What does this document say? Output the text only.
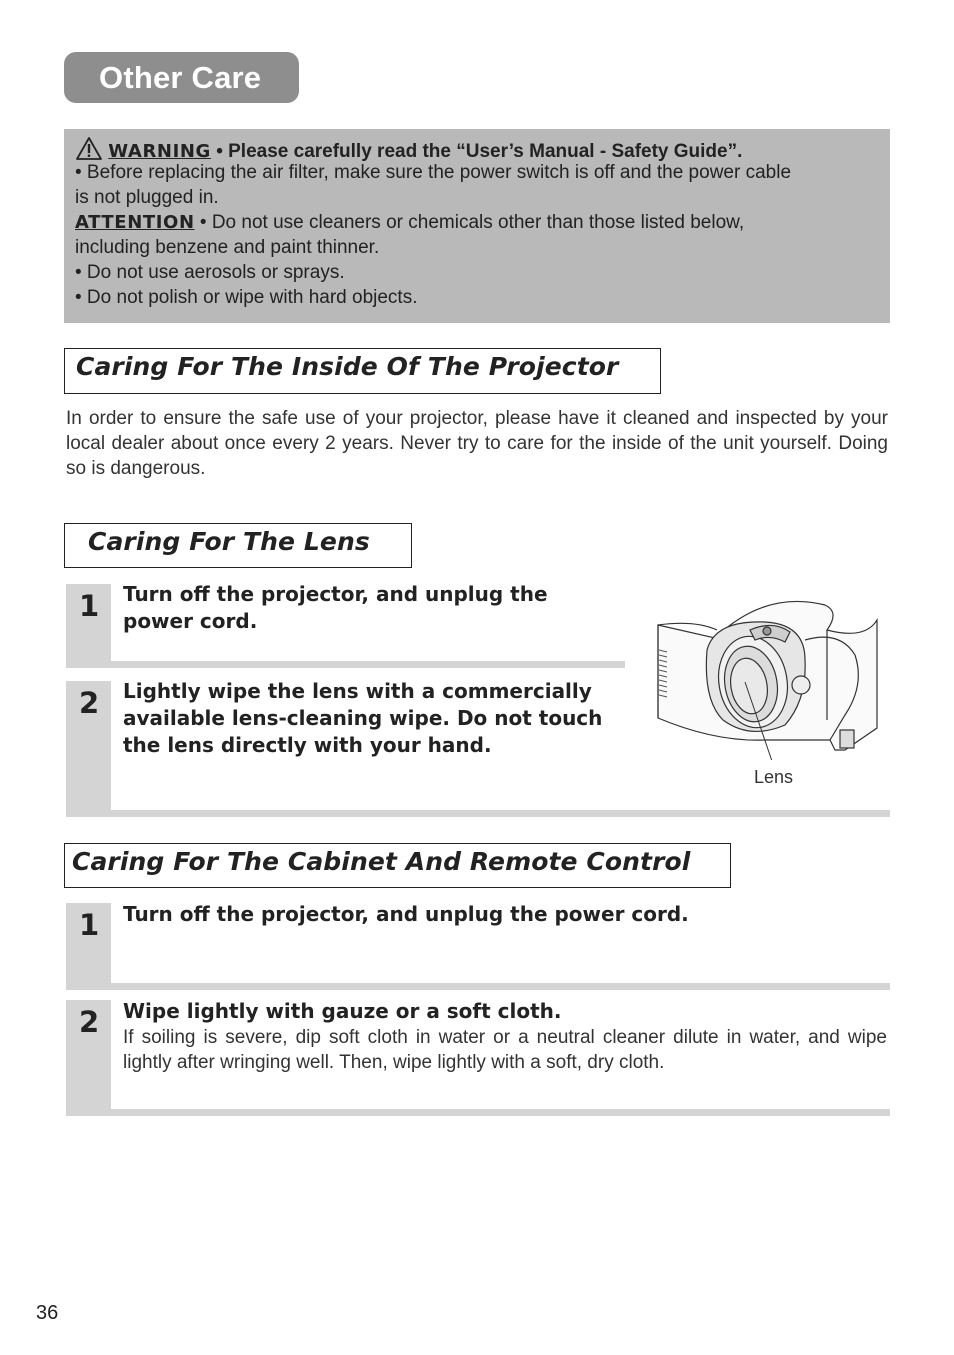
Other Care
WARNING • Please carefully read the “User’s Manual - Safety Guide”.
• Before replacing the air filter, make sure the power switch is off and the power cable
is not plugged in.
ATTENTION • Do not use cleaners or chemicals other than those listed below,
including benzene and paint thinner.
• Do not use aerosols or sprays.
• Do not polish or wipe with hard objects.
Caring For The Inside Of The Projector
In order to ensure the safe use of your projector, please have it cleaned and inspected by your local dealer about once every 2 years. Never try to care for the inside of the unit yourself. Doing so is dangerous.
Caring For The Lens
1 Turn off the projector, and unplug the power cord.
2 Lightly wipe the lens with a commercially available lens-cleaning wipe. Do not touch the lens directly with your hand.
Lens
Caring For The Cabinet And Remote Control
1 Turn off the projector, and unplug the power cord.
2 Wipe lightly with gauze or a soft cloth.
If soiling is severe, dip soft cloth in water or a neutral cleaner dilute in water, and wipe lightly after wringing well. Then, wipe lightly with a soft, dry cloth.
36
